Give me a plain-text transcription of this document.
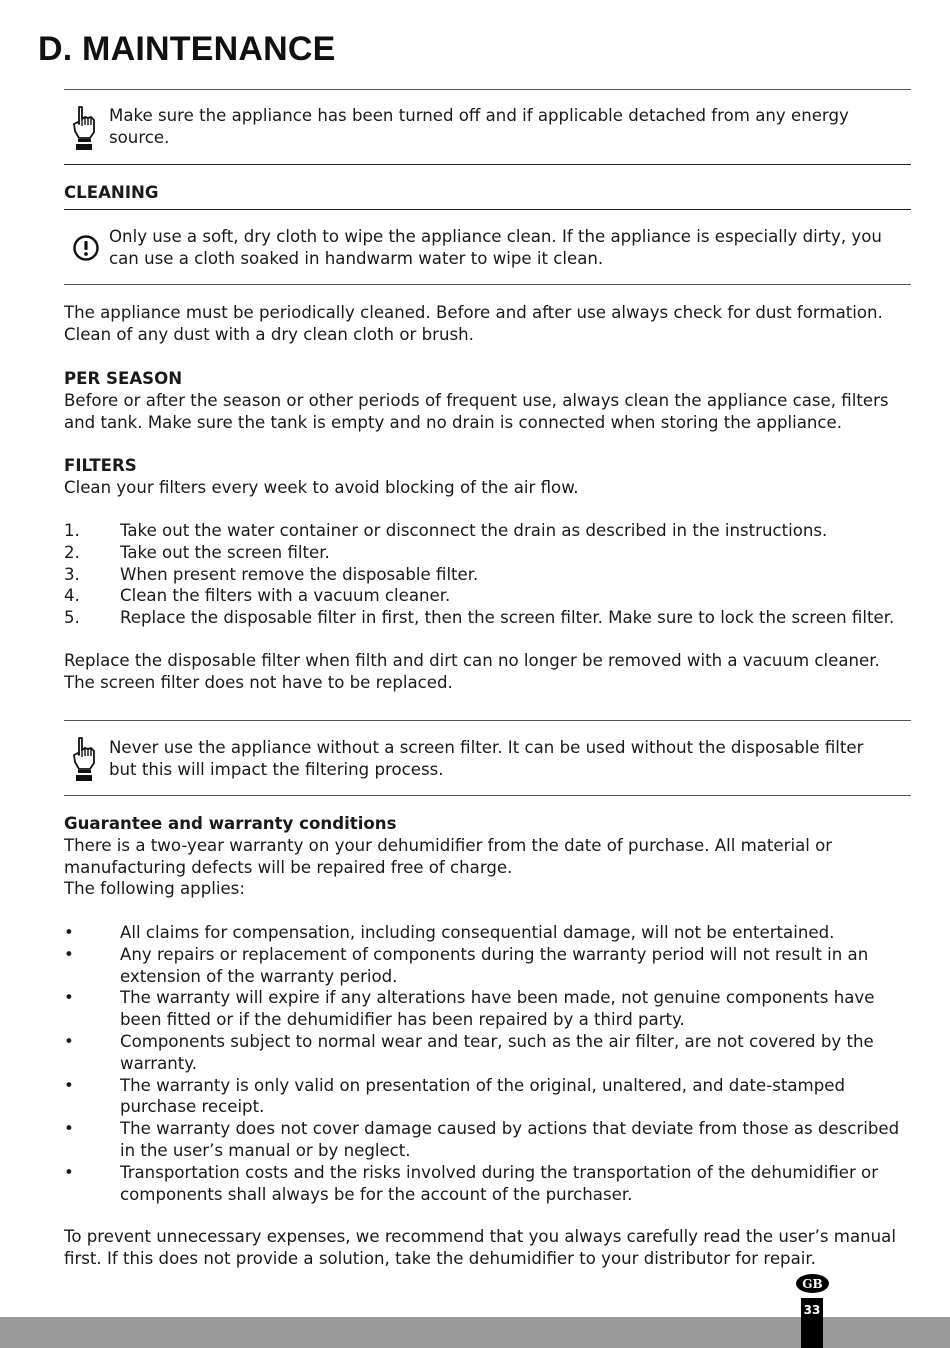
D. MAINTENANCE
Make sure the appliance has been turned off and if applicable detached from any energy
source.
CLEANING
Only use a soft, dry cloth to wipe the appliance clean. If the appliance is especially dirty, you
can use a cloth soaked in handwarm water to wipe it clean.
The appliance must be periodically cleaned. Before and after use always check for dust formation.
Clean of any dust with a dry clean cloth or brush.
PER SEASON
Before or after the season or other periods of frequent use, always clean the appliance case, filters
and tank. Make sure the tank is empty and no drain is connected when storing the appliance.
FILTERS
Clean your filters every week to avoid blocking of the air flow.
1. Take out the water container or disconnect the drain as described in the instructions.
2. Take out the screen filter.
3. When present remove the disposable filter.
4. Clean the filters with a vacuum cleaner.
5. Replace the disposable filter in first, then the screen filter. Make sure to lock the screen filter.
Replace the disposable filter when filth and dirt can no longer be removed with a vacuum cleaner.
The screen filter does not have to be replaced.
Never use the appliance without a screen filter. It can be used without the disposable filter
but this will impact the filtering process.
Guarantee and warranty conditions
There is a two-year warranty on your dehumidifier from the date of purchase. All material or
manufacturing defects will be repaired free of charge.
The following applies:
•	All claims for compensation, including consequential damage, will not be entertained.
•	Any repairs or replacement of components during the warranty period will not result in an
extension of the warranty period.
•	The warranty will expire if any alterations have been made, not genuine components have
been fitted or if the dehumidifier has been repaired by a third party.
•	Components subject to normal wear and tear, such as the air filter, are not covered by the
warranty.
•	The warranty is only valid on presentation of the original, unaltered, and date-stamped
purchase receipt.
•	The warranty does not cover damage caused by actions that deviate from those as described
in the user’s manual or by neglect.
•	Transportation costs and the risks involved during the transportation of the dehumidifier or
components shall always be for the account of the purchaser.
To prevent unnecessary expenses, we recommend that you always carefully read the user’s manual
first. If this does not provide a solution, take the dehumidifier to your distributor for repair.
GB
33
